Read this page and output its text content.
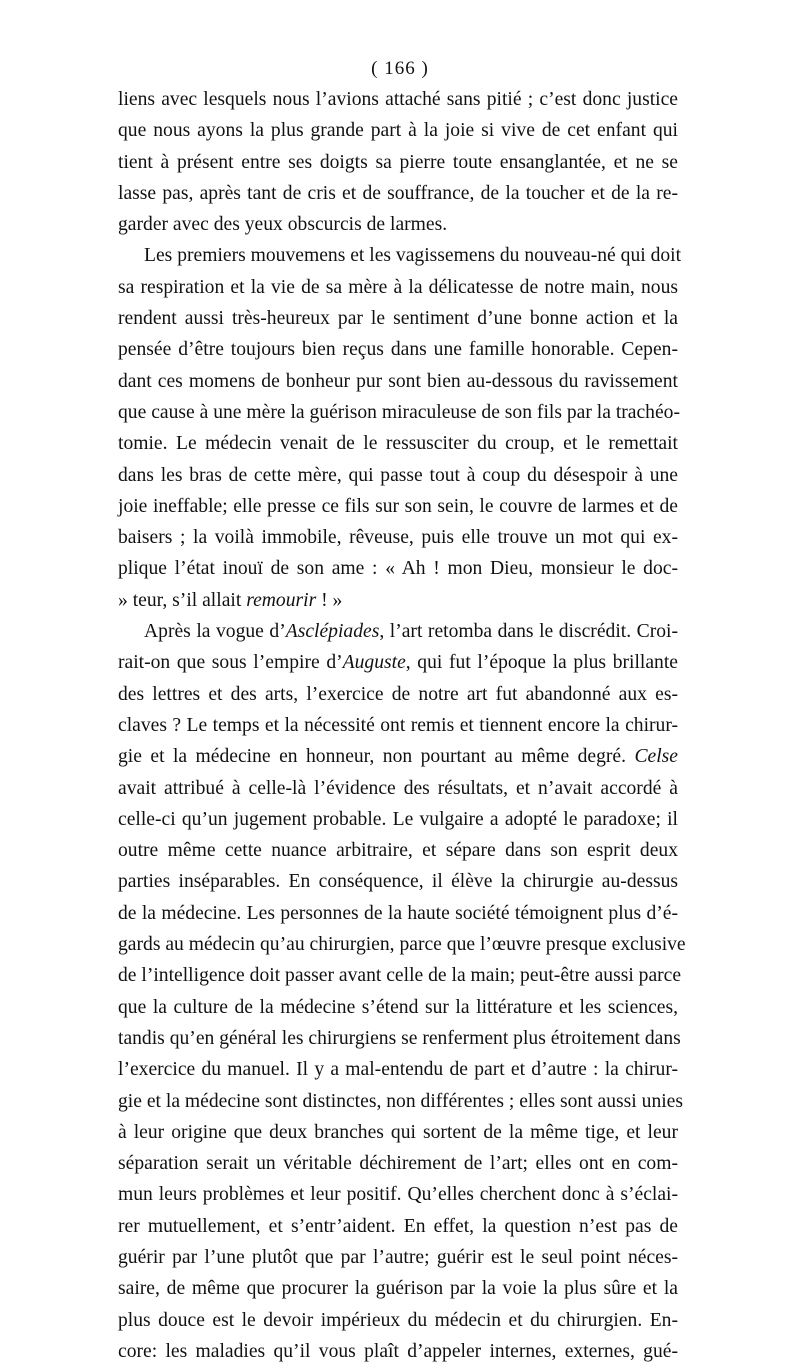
( 166 )
liens avec lesquels nous l’avions attaché sans pitié ; c’est donc justice
que nous ayons la plus grande part à la joie si vive de cet enfant qui
tient à présent entre ses doigts sa pierre toute ensanglantée, et ne se
lasse pas, après tant de cris et de souffrance, de la toucher et de la re-
garder avec des yeux obscurcis de larmes.
Les premiers mouvemens et les vagissemens du nouveau-né qui doit
sa respiration et la vie de sa mère à la délicatesse de notre main, nous
rendent aussi très-heureux par le sentiment d’une bonne action et la
pensée d’être toujours bien reçus dans une famille honorable. Cepen-
dant ces momens de bonheur pur sont bien au-dessous du ravissement
que cause à une mère la guérison miraculeuse de son fils par la trachéo-
tomie. Le médecin venait de le ressusciter du croup, et le remettait
dans les bras de cette mère, qui passe tout à coup du désespoir à une
joie ineffable; elle presse ce fils sur son sein, le couvre de larmes et de
baisers ; la voilà immobile, rêveuse, puis elle trouve un mot qui ex-
plique l’état inouï de son ame : « Ah ! mon Dieu, monsieur le doc-
» teur, s’il allait remourir ! »
Après la vogue d’Asclépiades, l’art retomba dans le discrédit. Croi-
rait-on que sous l’empire d’Auguste, qui fut l’époque la plus brillante
des lettres et des arts, l’exercice de notre art fut abandonné aux es-
claves ? Le temps et la nécessité ont remis et tiennent encore la chirur-
gie et la médecine en honneur, non pourtant au même degré. Celse
avait attribué à celle-là l’évidence des résultats, et n’avait accordé à
celle-ci qu’un jugement probable. Le vulgaire a adopté le paradoxe; il
outre même cette nuance arbitraire, et sépare dans son esprit deux
parties inséparables. En conséquence, il élève la chirurgie au-dessus
de la médecine. Les personnes de la haute société témoignent plus d’é-
gards au médecin qu’au chirurgien, parce que l’œuvre presque exclusive
de l’intelligence doit passer avant celle de la main; peut-être aussi parce
que la culture de la médecine s’étend sur la littérature et les sciences,
tandis qu’en général les chirurgiens se renferment plus étroitement dans
l’exercice du manuel. Il y a mal-entendu de part et d’autre : la chirur-
gie et la médecine sont distinctes, non différentes ; elles sont aussi unies
à leur origine que deux branches qui sortent de la même tige, et leur
séparation serait un véritable déchirement de l’art; elles ont en com-
mun leurs problèmes et leur positif. Qu’elles cherchent donc à s’éclai-
rer mutuellement, et s’entr’aident. En effet, la question n’est pas de
guérir par l’une plutôt que par l’autre; guérir est le seul point néces-
saire, de même que procurer la guérison par la voie la plus sûre et la
plus douce est le devoir impérieux du médecin et du chirurgien. En-
core: les maladies qu’il vous plaît d’appeler internes, externes, gué-
